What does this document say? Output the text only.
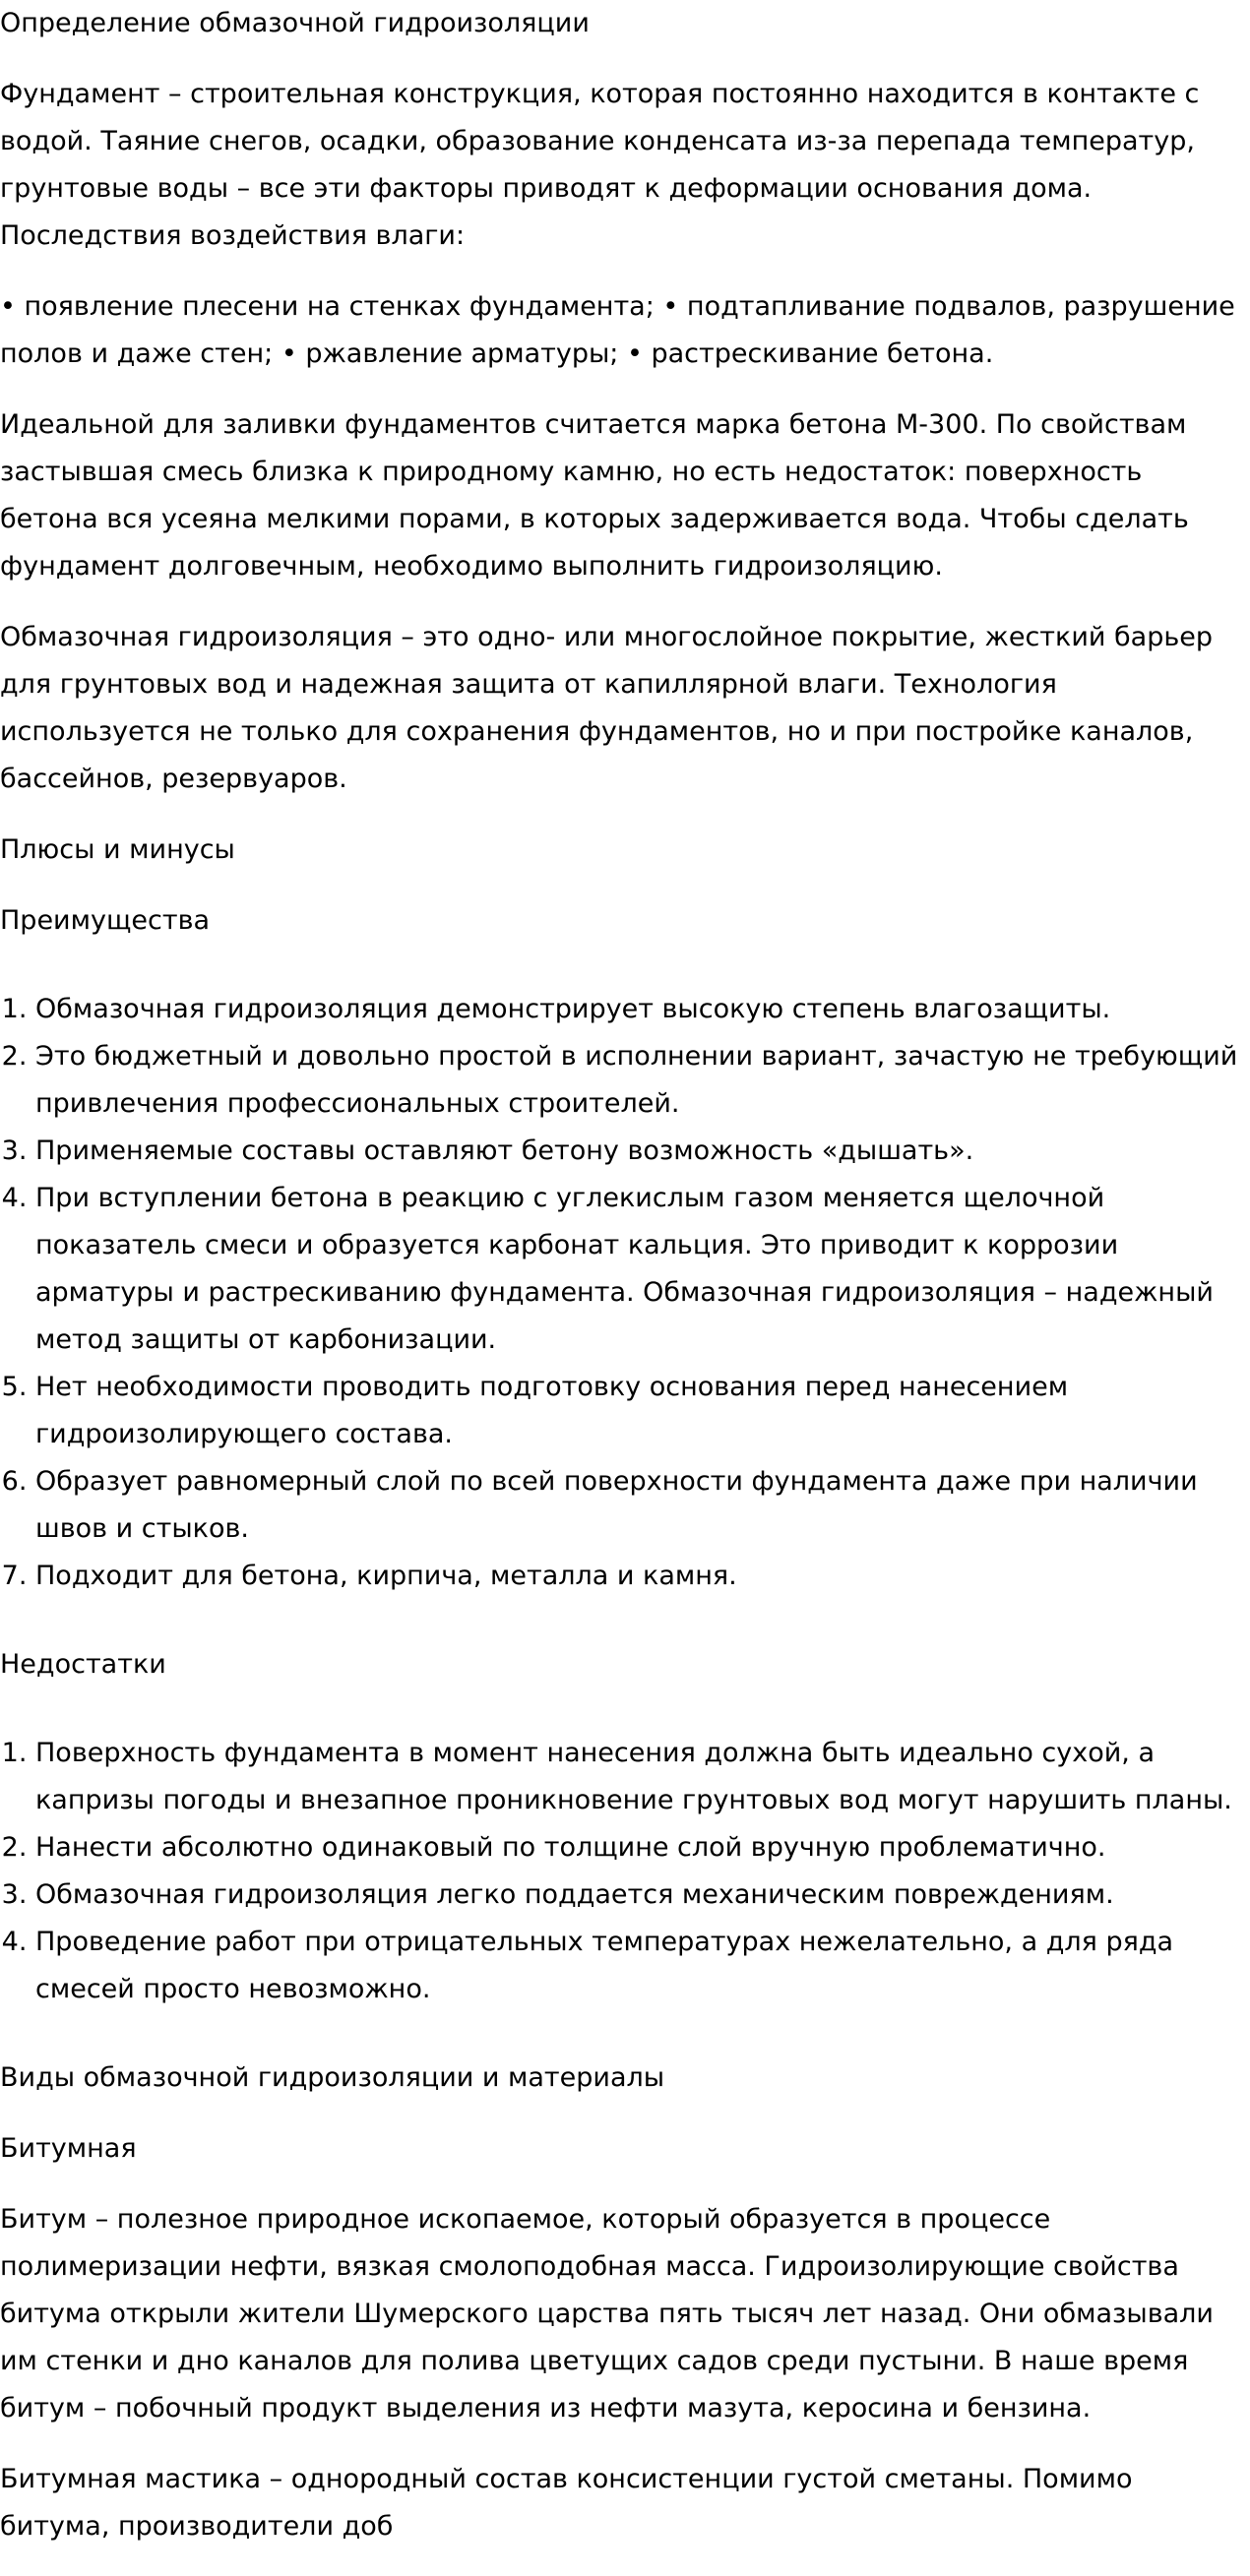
Определение обмазочной гидроизоляции

Фундамент – строительная конструкция, которая постоянно находится в контакте с водой. Таяние снегов, осадки, образование конденсата из-за перепада температур, грунтовые воды – все эти факторы приводят к деформации основания дома. Последствия воздействия влаги:

• появление плесени на стенках фундамента; • подтапливание подвалов, разрушение полов и даже стен; • ржавление арматуры; • растрескивание бетона.

Идеальной для заливки фундаментов считается марка бетона М-300. По свойствам застывшая смесь близка к природному камню, но есть недостаток: поверхность бетона вся усеяна мелкими порами, в которых задерживается вода. Чтобы сделать фундамент долговечным, необходимо выполнить гидроизоляцию.

Обмазочная гидроизоляция – это одно- или многослойное покрытие, жесткий барьер для грунтовых вод и надежная защита от капиллярной влаги. Технология используется не только для сохранения фундаментов, но и при постройке каналов, бассейнов, резервуаров.

Плюсы и минусы
Преимущества
1. Обмазочная гидроизоляция демонстрирует высокую степень влагозащиты.
2. Это бюджетный и довольно простой в исполнении вариант, зачастую не требующий привлечения профессиональных строителей.
3. Применяемые составы оставляют бетону возможность «дышать».
4. При вступлении бетона в реакцию с углекислым газом меняется щелочной показатель смеси и образуется карбонат кальция. Это приводит к коррозии арматуры и растрескиванию фундамента. Обмазочная гидроизоляция – надежный метод защиты от карбонизации.
5. Нет необходимости проводить подготовку основания перед нанесением гидроизолирующего состава.
6. Образует равномерный слой по всей поверхности фундамента даже при наличии швов и стыков.
7. Подходит для бетона, кирпича, металла и камня.
Недостатки
1. Поверхность фундамента в момент нанесения должна быть идеально сухой, а капризы погоды и внезапное проникновение грунтовых вод могут нарушить планы.
2. Нанести абсолютно одинаковый по толщине слой вручную проблематично.
3. Обмазочная гидроизоляция легко поддается механическим повреждениям.
4. Проведение работ при отрицательных температурах нежелательно, а для ряда смесей просто невозможно.
Виды обмазочной гидроизоляции и материалы
Битумная

Битум – полезное природное ископаемое, который образуется в процессе полимеризации нефти, вязкая смолоподобная масса. Гидроизолирующие свойства битума открыли жители Шумерского царства пять тысяч лет назад. Они обмазывали им стенки и дно каналов для полива цветущих садов среди пустыни. В наше время битум – побочный продукт выделения из нефти мазута, керосина и бензина.

Битумная мастика – однородный состав консистенции густой сметаны. Помимо битума, производители доб
